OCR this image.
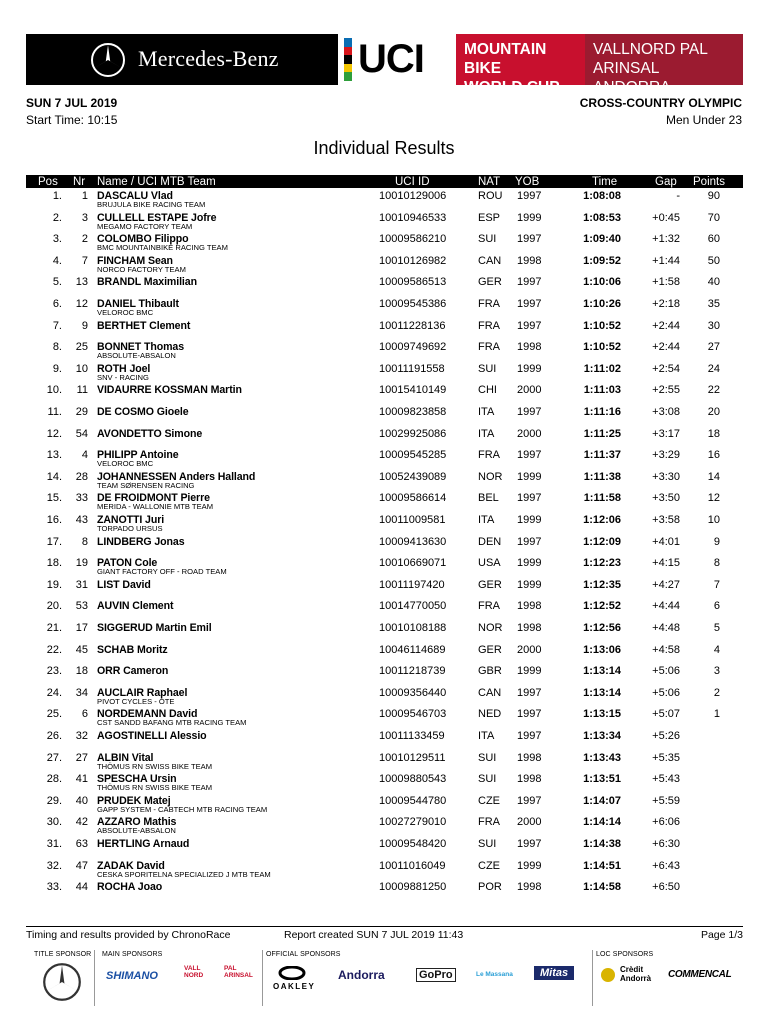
Mercedes-Benz UCI	MOUNTAIN BIKE
WORLD CUP
VALLNORD PAL ARINSAL
ANDORRA
SUN 7 JUL 2019
Start Time: 10:15
CROSS-COUNTRY OLYMPIC
Men Under 23
Individual Results
Pos Nr Name / UCI MTB Team	UCI ID	NAT YOB	Time	Gap Points
1.	1 DASCALU Vlad	10010129006	ROU 1997	1:08:08	-	90
BRUJULA BIKE RACING TEAM
2.	3 CULLELL ESTAPE Jofre	10010946533	ESP 1999	1:08:53	+0:45	70
MEGAMO FACTORY TEAM
3.	2 COLOMBO Filippo	10009586210	SUI 1997	1:09:40	+1:32	60
BMC MOUNTAINBIKE RACING TEAM
4.	7 FINCHAM Sean	10010126982	CAN 1998	1:09:52	+1:44	50
NORCO FACTORY TEAM
5.	13 BRANDL Maximilian	10009586513	GER 1997	1:10:06	+1:58	40
6.	12 DANIEL Thibault	10009545386	FRA 1997	1:10:26	+2:18	35
VELOROC BMC
7.	9 BERTHET Clement	10011228136	FRA 1997	1:10:52	+2:44	30
8.	25 BONNET Thomas	10009749692	FRA 1998	1:10:52	+2:44	27
ABSOLUTE-ABSALON
9.	10 ROTH Joel	10011191558	SUI 1999	1:11:02	+2:54	24
SNV - RACING
10.	11 VIDAURRE KOSSMAN Martin	10015410149	CHI 2000	1:11:03	+2:55	22
11.	29 DE COSMO Gioele	10009823858	ITA 1997	1:11:16	+3:08	20
12.	54 AVONDETTO Simone	10029925086	ITA 2000	1:11:25	+3:17	18
13.	4 PHILIPP Antoine	10009545285	FRA 1997	1:11:37	+3:29	16
VELOROC BMC
14.	28 JOHANNESSEN Anders Halland	10052439089	NOR 1999	1:11:38	+3:30	14
TEAM SØRENSEN RACING
15.	33 DE FROIDMONT Pierre	10009586614	BEL 1997	1:11:58	+3:50	12
MERIDA - WALLONIE MTB TEAM
16.	43 ZANOTTI Juri	10011009581	ITA 1999	1:12:06	+3:58	10
TORPADO URSUS
17.	8 LINDBERG Jonas	10009413630	DEN 1997	1:12:09	+4:01	9
18.	19 PATON Cole	10010669071	USA 1999	1:12:23	+4:15	8
GIANT FACTORY OFF - ROAD TEAM
19.	31 LIST David	10011197420	GER 1999	1:12:35	+4:27	7
20.	53 AUVIN Clement	10014770050	FRA 1998	1:12:52	+4:44	6
21.	17 SIGGERUD Martin Emil	10010108188	NOR 1998	1:12:56	+4:48	5
22.	45 SCHAB Moritz	10046114689	GER 2000	1:13:06	+4:58	4
23.	18 ORR Cameron	10011218739	GBR 1999	1:13:14	+5:06	3
24.	34 AUCLAIR Raphael	10009356440	CAN 1997	1:13:14	+5:06	2
PIVOT CYCLES - OTE
25.	6 NORDEMANN David	10009546703	NED 1997	1:13:15	+5:07	1
CST SANDD BAFANG MTB RACING TEAM
26.	32 AGOSTINELLI Alessio	10011133459	ITA 1997	1:13:34	+5:26
27.	27 ALBIN Vital	10010129511	SUI 1998	1:13:43	+5:35
THÖMUS RN SWISS BIKE TEAM
28.	41 SPESCHA Ursin	10009880543	SUI 1998	1:13:51	+5:43
THÖMUS RN SWISS BIKE TEAM
29.	40 PRUDEK Matej	10009544780	CZE 1997	1:14:07	+5:59
GAPP SYSTEM - CABTECH MTB RACING TEAM
30.	42 AZZARO Mathis	10027279010	FRA 2000	1:14:14	+6:06
ABSOLUTE-ABSALON
31.	63 HERTLING Arnaud	10009548420	SUI 1997	1:14:38	+6:30
32.	47 ZADAK David	10011016049	CZE 1999	1:14:51	+6:43
CESKA SPORITELNA SPECIALIZED J MTB TEAM
33.	44 ROCHA Joao	10009881250	POR 1998	1:14:58	+6:50
Timing and results provided by ChronoRace	Report created SUN 7 JUL 2019 11:43	Page 1/3
TITLE SPONSOR MAIN SPONSORS
SHIMANO
VALL NORD
PAL ARINSAL
OFFICIAL SPONSORS
OAKLEY
Andorra	GoPro	Le Massana	Mitas
LOC SPONSORS
Crèdit Andorrà	COMMENCAL
